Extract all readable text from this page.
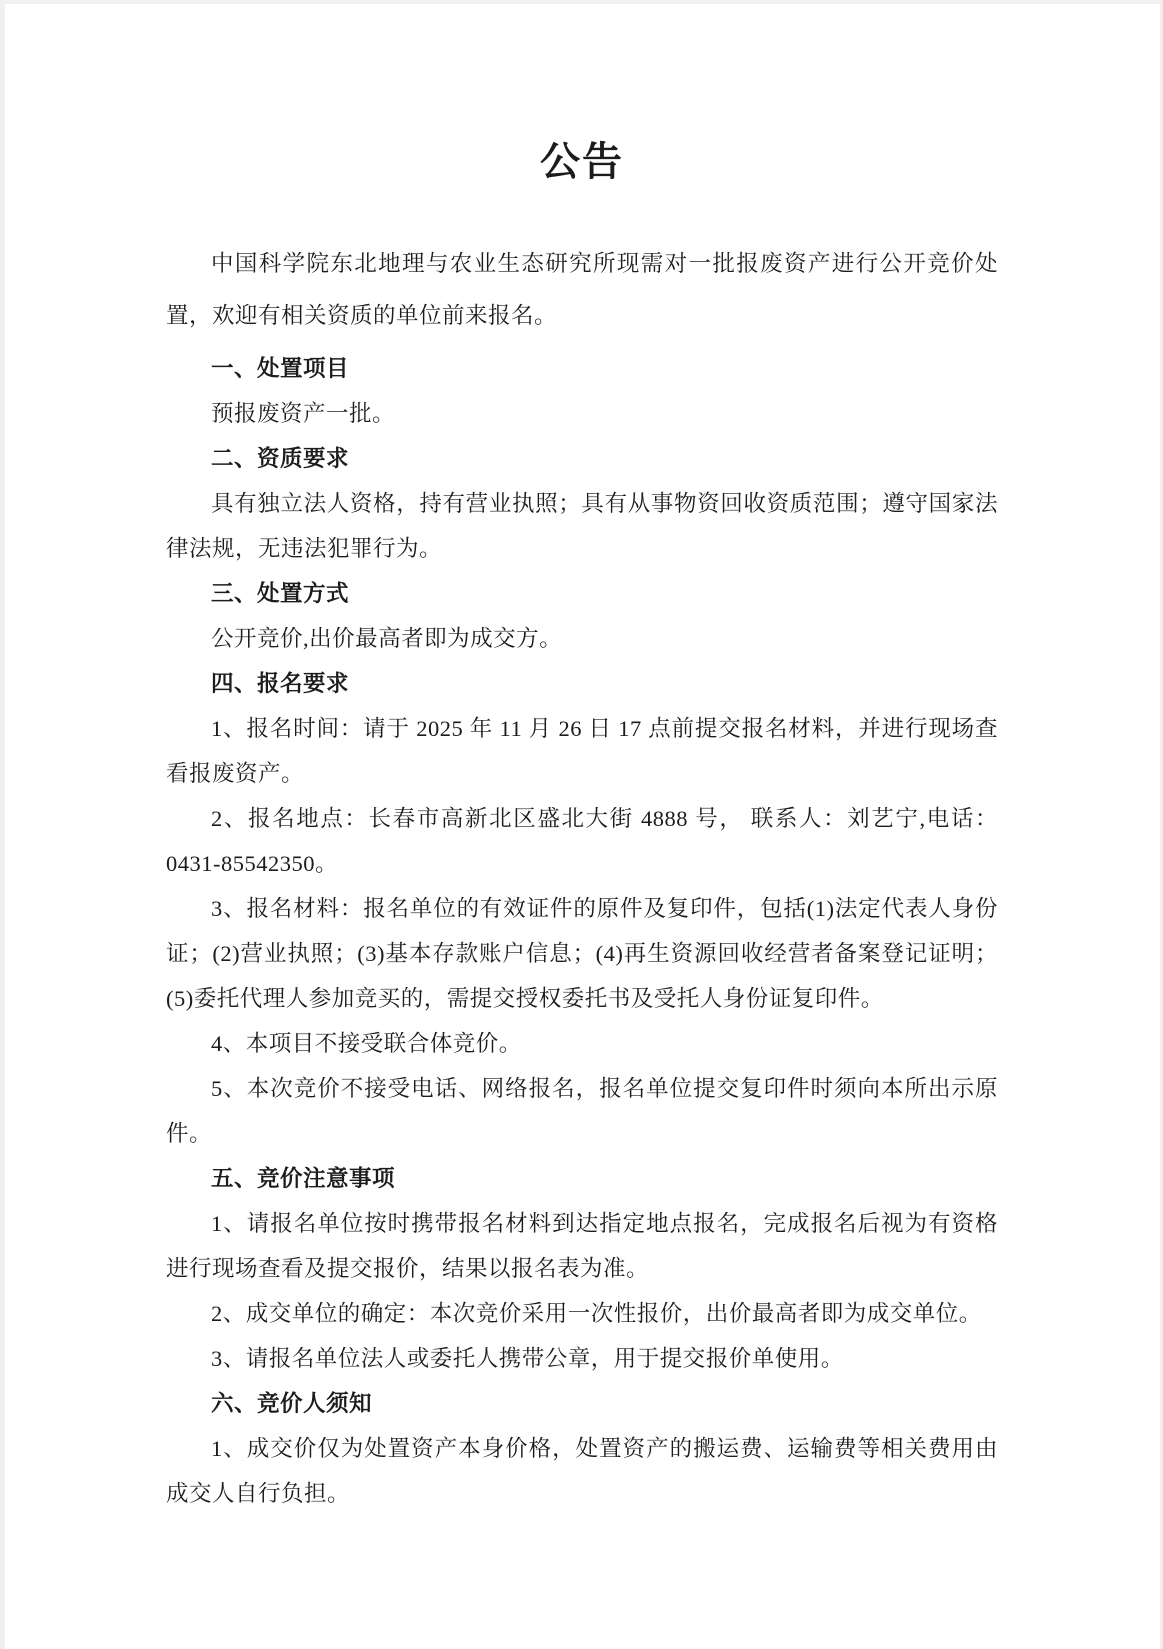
公告

中国科学院东北地理与农业生态研究所现需对一批报废资产进行公开竞价处置，欢迎有相关资质的单位前来报名。

一、处置项目

预报废资产一批。

二、资质要求

具有独立法人资格，持有营业执照；具有从事物资回收资质范围；遵守国家法律法规，无违法犯罪行为。

三、处置方式

公开竞价,出价最高者即为成交方。

四、报名要求

1、报名时间：请于 2025 年 11 月 26 日 17 点前提交报名材料，并进行现场查看报废资产。

2、报名地点：长春市高新北区盛北大街 4888 号， 联系人：刘艺宁,电话：0431-85542350。

3、报名材料：报名单位的有效证件的原件及复印件，包括(1)法定代表人身份证；(2)营业执照；(3)基本存款账户信息；(4)再生资源回收经营者备案登记证明；(5)委托代理人参加竞买的，需提交授权委托书及受托人身份证复印件。

4、本项目不接受联合体竞价。

5、本次竞价不接受电话、网络报名，报名单位提交复印件时须向本所出示原件。

五、竞价注意事项

1、请报名单位按时携带报名材料到达指定地点报名，完成报名后视为有资格进行现场查看及提交报价，结果以报名表为准。

2、成交单位的确定：本次竞价采用一次性报价，出价最高者即为成交单位。

3、请报名单位法人或委托人携带公章，用于提交报价单使用。

六、竞价人须知

1、成交价仅为处置资产本身价格，处置资产的搬运费、运输费等相关费用由成交人自行负担。
